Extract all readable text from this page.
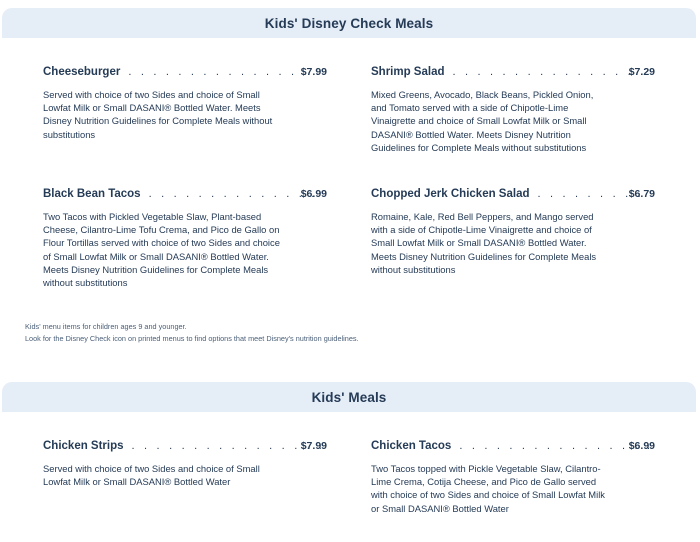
Kids' Disney Check Meals
Cheeseburger . . .	$7.99

Served with choice of two Sides and choice of Small Lowfat Milk or Small DASANI® Bottled Water. Meets Disney Nutrition Guidelines for Complete Meals without substitutions

Shrimp Salad . . .	$7.29

Mixed Greens, Avocado, Black Beans, Pickled Onion, and Tomato served with a side of Chipotle-Lime Vinaigrette and choice of Small Lowfat Milk or Small DASANI® Bottled Water. Meets Disney Nutrition Guidelines for Complete Meals without substitutions

Black Bean Tacos . . .	$6.99

Two Tacos with Pickled Vegetable Slaw, Plant-based Cheese, Cilantro-Lime Tofu Crema, and Pico de Gallo on Flour Tortillas served with choice of two Sides and choice of Small Lowfat Milk or Small DASANI® Bottled Water. Meets Disney Nutrition Guidelines for Complete Meals without substitutions

Chopped Jerk Chicken Salad . . .	$6.79

Romaine, Kale, Red Bell Peppers, and Mango served with a side of Chipotle-Lime Vinaigrette and choice of Small Lowfat Milk or Small DASANI® Bottled Water. Meets Disney Nutrition Guidelines for Complete Meals without substitutions

Kids' menu items for children ages 9 and younger.

Look for the Disney Check icon on printed menus to find options that meet Disney's nutrition guidelines.

Kids' Meals
Chicken Strips . . .	$7.99

Served with choice of two Sides and choice of Small Lowfat Milk or Small DASANI® Bottled Water

Chicken Tacos . . .	$6.99

Two Tacos topped with Pickle Vegetable Slaw, Cilantro-Lime Crema, Cotija Cheese, and Pico de Gallo served with choice of two Sides and choice of Small Lowfat Milk or Small DASANI® Bottled Water
